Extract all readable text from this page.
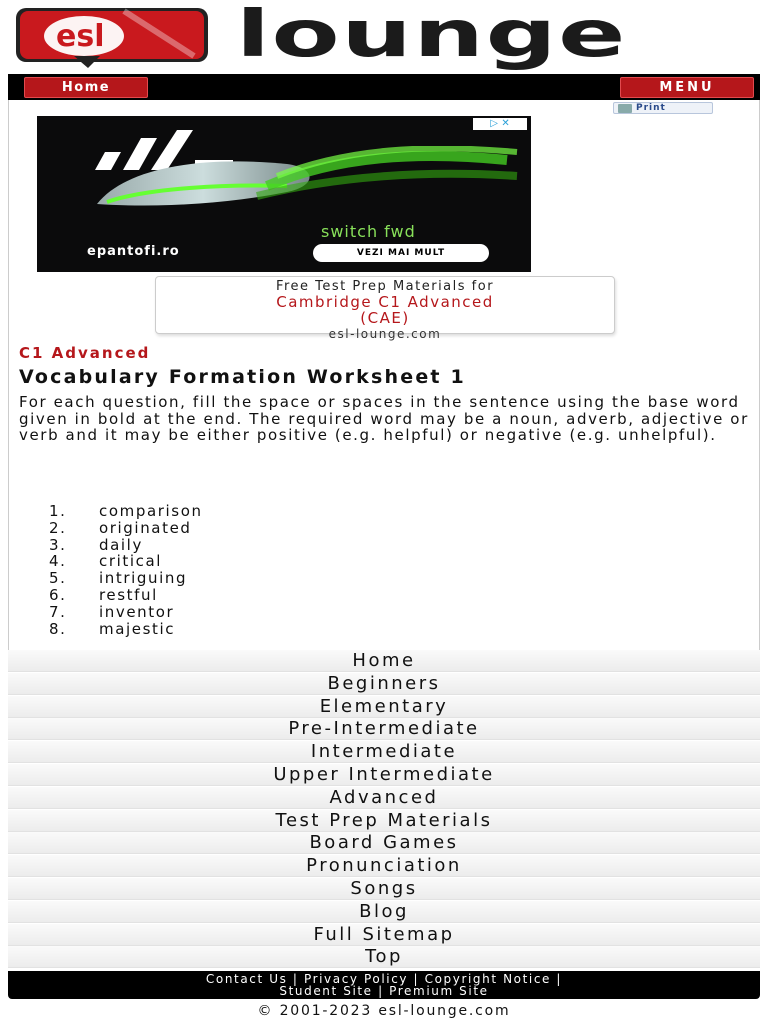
esl lounge
Home	MENU
Print
▷ ✕
switch fwd
epantofi.ro	VEZI MAI MULT
Free Test Prep Materials for
Cambridge C1 Advanced
(CAE)
esl-lounge.com
C1 Advanced
Vocabulary Formation Worksheet 1

For each question, fill the space or spaces in the sentence using the base word given in bold at the end. The required word may be a noun, adverb, adjective or verb and it may be either positive (e.g. helpful) or negative (e.g. unhelpful).

1. comparison
2. originated
3. daily
4. critical
5. intriguing
6. restful
7. inventor
8. majestic
Home
Beginners
Elementary
Pre-Intermediate
Intermediate
Upper Intermediate
Advanced
Test Prep Materials
Board Games
Pronunciation
Songs
Blog
Full Sitemap
Top
Contact Us | Privacy Policy | Copyright Notice |
Student Site | Premium Site
© 2001-2023 esl-lounge.com
